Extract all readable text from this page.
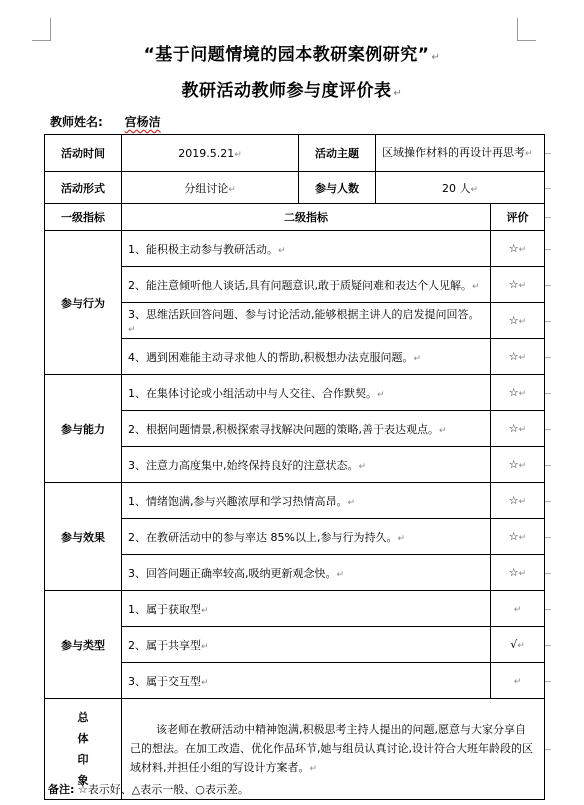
“基于问题情境的园本教研案例研究” ↵
教研活动教师参与度评价表 ↵
教师姓名: 宫杨洁
活动时间	2019.5.21↵	活动主题	区域操作材料的再设计再思考↵	
活动形式	分组讨论↵	参与人数	20 人↵	
一级指标	二级指标			评价
参与行为	1、能积极主动参与教研活动。↵			☆↵
	2、能注意倾听他人谈话,具有问题意识,敢于质疑问难和表达个人见解。↵			☆↵
	3、思维活跃回答问题、参与讨论活动,能够根据主讲人的启发提问回答。↵			☆↵
	4、遇到困难能主动寻求他人的帮助,积极想办法克服问题。↵			☆↵
参与能力	1、在集体讨论或小组活动中与人交往、合作默契。↵			☆↵
	2、根据问题情景,积极探索寻找解决问题的策略,善于表达观点。↵			☆↵
	3、注意力高度集中,始终保持良好的注意状态。↵			☆↵
参与效果	1、情绪饱满,参与兴趣浓厚和学习热情高昂。↵			☆↵
	2、在教研活动中的参与率达 85%以上,参与行为持久。↵			☆↵
	3、回答问题正确率较高,吸纳更新观念快。↵			☆↵
参与类型	1、属于获取型↵			↵
	2、属于共享型↵			√↵
	3、属于交互型↵			↵

总
体
印
象	该老师在教研活动中精神饱满,积极思考主持人提出的问题,愿意与大家分享自己的想法。在加工改造、优化作品环节,她与组员认真讨论,设计符合大班年龄段的区域材料,并担任小组的写设计方案者。↵			
备注: ☆表示好、△表示一般、○表示差。
